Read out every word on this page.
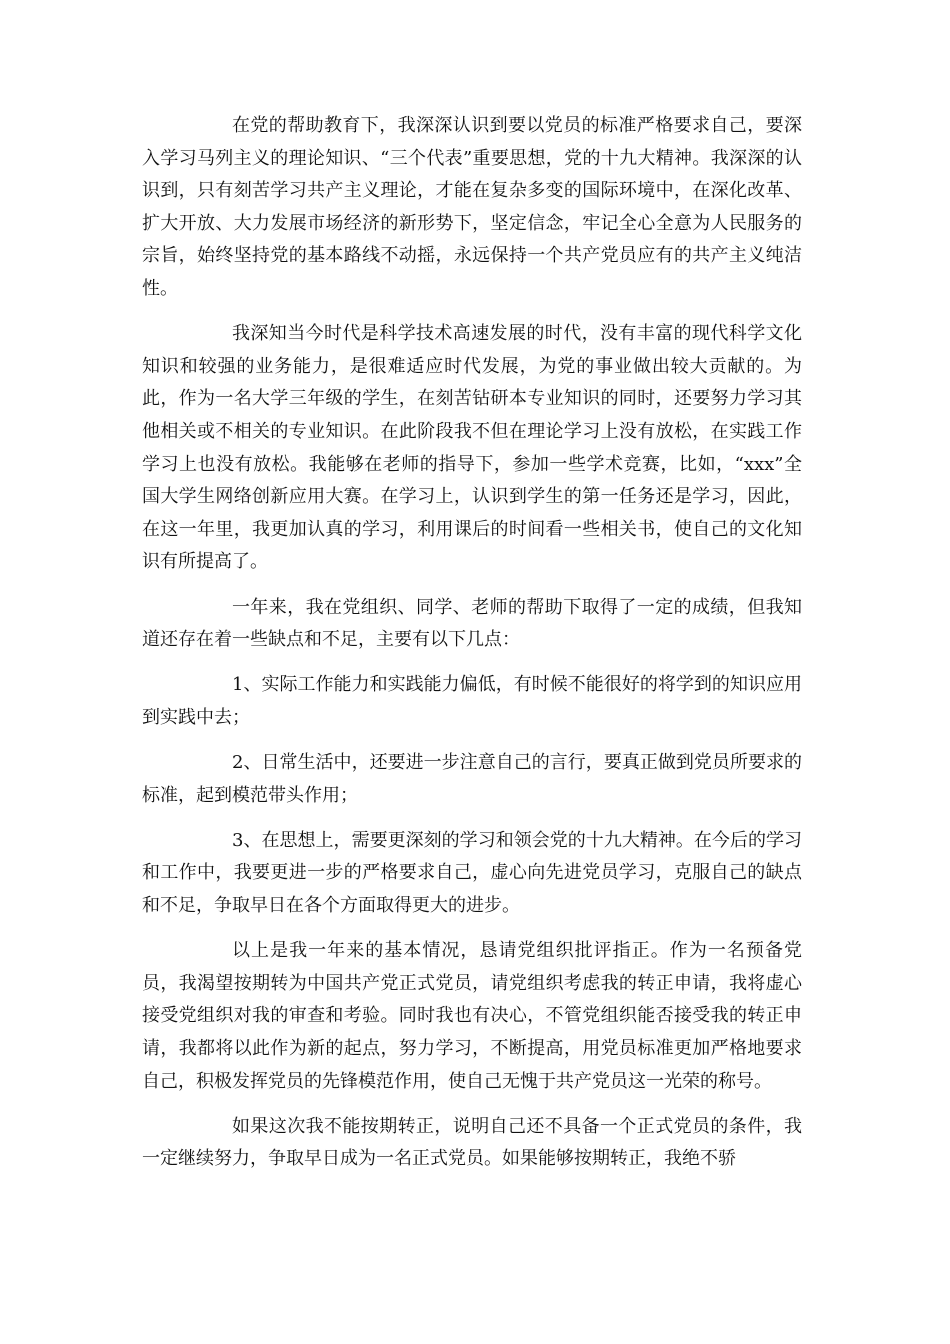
在党的帮助教育下，我深深认识到要以党员的标准严格要求自己，要深入学习马列主义的理论知识、“三个代表”重要思想，党的十九大精神。我深深的认识到，只有刻苦学习共产主义理论，才能在复杂多变的国际环境中，在深化改革、扩大开放、大力发展市场经济的新形势下，坚定信念，牢记全心全意为人民服务的宗旨，始终坚持党的基本路线不动摇，永远保持一个共产党员应有的共产主义纯洁性。

我深知当今时代是科学技术高速发展的时代，没有丰富的现代科学文化知识和较强的业务能力，是很难适应时代发展，为党的事业做出较大贡献的。为此，作为一名大学三年级的学生，在刻苦钻研本专业知识的同时，还要努力学习其他相关或不相关的专业知识。在此阶段我不但在理论学习上没有放松，在实践工作学习上也没有放松。我能够在老师的指导下，参加一些学术竞赛，比如，“xxx”全国大学生网络创新应用大赛。在学习上，认识到学生的第一任务还是学习，因此，在这一年里，我更加认真的学习，利用课后的时间看一些相关书，使自己的文化知识有所提高了。

一年来，我在党组织、同学、老师的帮助下取得了一定的成绩，但我知道还存在着一些缺点和不足，主要有以下几点：

1、实际工作能力和实践能力偏低，有时候不能很好的将学到的知识应用到实践中去；

2、日常生活中，还要进一步注意自己的言行，要真正做到党员所要求的标准，起到模范带头作用；

3、在思想上，需要更深刻的学习和领会党的十九大精神。在今后的学习和工作中，我要更进一步的严格要求自己，虚心向先进党员学习，克服自己的缺点和不足，争取早日在各个方面取得更大的进步。

以上是我一年来的基本情况，恳请党组织批评指正。作为一名预备党员，我渴望按期转为中国共产党正式党员，请党组织考虑我的转正申请，我将虚心接受党组织对我的审查和考验。同时我也有决心，不管党组织能否接受我的转正申请，我都将以此作为新的起点，努力学习，不断提高，用党员标准更加严格地要求自己，积极发挥党员的先锋模范作用，使自己无愧于共产党员这一光荣的称号。

如果这次我不能按期转正，说明自己还不具备一个正式党员的条件，我一定继续努力，争取早日成为一名正式党员。如果能够按期转正，我绝不骄
